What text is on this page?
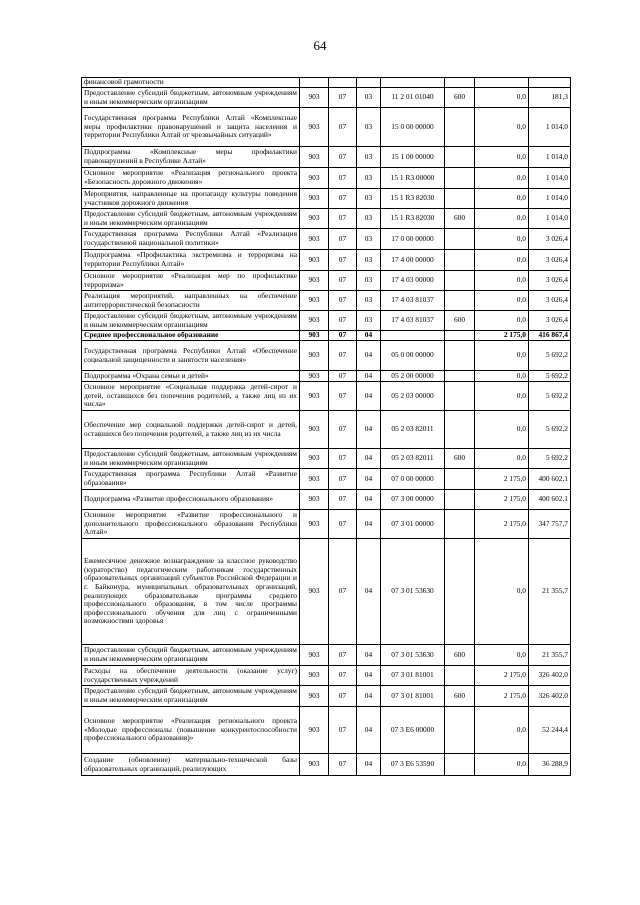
64
финансовой грамотности							
Предоставление субсидий бюджетным, автономным учреждениям и иным некоммерческим организациям	903	07	03	11 2 01 01040	600	0,0	181,3
Государственная программа Республики Алтай «Комплексные меры профилактики правонарушений и защита населения и территории Республики Алтай от чрезвычайных ситуаций»	903	07	03	15 0 00 00000		0,0	1 014,0
Подпрограмма «Комплексные меры профилактики правонарушений в Республике Алтай»	903	07	03	15 1 00 00000		0,0	1 014,0
Основное мероприятие «Реализация регионального проекта «Безопасность дорожного движения»	903	07	03	15 1 R3 00000		0,0	1 014,0
Мероприятия, направленные на пропаганду культуры поведения участников дорожного движения	903	07	03	15 1 R3 82030		0,0	1 014,0
Предоставление субсидий бюджетным, автономным учреждениям и иным некоммерческим организациям	903	07	03	15 1 R3 82030	600	0,0	1 014,0
Государственная программа Республики Алтай «Реализация государственной национальной политики»	903	07	03	17 0 00 00000		0,0	3 026,4
Подпрограмма «Профилактика экстремизма и терроризма на территории Республики Алтай»	903	07	03	17 4 00 00000		0,0	3 026,4
Основное мероприятие «Реализация мер по профилактике терроризма»	903	07	03	17 4 03 00000		0,0	3 026,4
Реализация мероприятий, направленных на обеспечение антитеррористической безопасности	903	07	03	17 4 03 81037		0,0	3 026,4
Предоставление субсидий бюджетным, автономным учреждениям и иным некоммерческим организациям	903	07	03	17 4 03 81037	600	0,0	3 026,4
Среднее профессиональное образование	903	07	04			2 175,0	416 867,4
Государственная программа Республики Алтай «Обеспечение социальной защищенности и занятости населения»	903	07	04	05 0 00 00000		0,0	5 692,2
Подпрограмма «Охрана семьи и детей»	903	07	04	05 2 00 00000		0,0	5 692,2
Основное мероприятие «Социальная поддержка детей-сирот и детей, оставшихся без попечения родителей, а также лиц из их числа»	903	07	04	05 2 03 00000		0,0	5 692,2
Обеспечение мер социальной поддержки детей-сирот и детей, оставшихся без попечения родителей, а также лиц из их числа	903	07	04	05 2 03 82011		0,0	5 692,2
Предоставление субсидий бюджетным, автономным учреждениям и иным некоммерческим организациям	903	07	04	05 2 03 82011	600	0,0	5 692,2
Государственная программа Республики Алтай «Развитие образования»	903	07	04	07 0 00 00000		2 175,0	400 602,1
Подпрограмма «Развитие профессионального образования»	903	07	04	07 3 00 00000		2 175,0	400 602,1
Основное мероприятие «Развитие профессионального и дополнительного профессионального образования Республики Алтай»	903	07	04	07 3 01 00000		2 175,0	347 757,7
Ежемесячное денежное вознаграждение за классное руководство (кураторство) педагогическим работникам государственных образовательных организаций субъектов Российской Федерации и г. Байконура, муниципальных образовательных организаций, реализующих образовательные программы среднего профессионального образования, в том числе программы профессионального обучения для лиц с ограниченными возможностями здоровья	903	07	04	07 3 01 53630		0,0	21 355,7
Предоставление субсидий бюджетным, автономным учреждениям и иным некоммерческим организациям	903	07	04	07 3 01 53630	600	0,0	21 355,7
Расходы на обеспечение деятельности (оказание услуг) государственных учреждений	903	07	04	07 3 01 81001		2 175,0	326 402,0
Предоставление субсидий бюджетным, автономным учреждениям и иным некоммерческим организациям	903	07	04	07 3 01 81001	600	2 175,0	326 402,0
Основное мероприятие «Реализация регионального проекта «Молодые профессионалы (повышение конкурентоспособности профессионального образования)»	903	07	04	07 3 E6 00000		0,0	52 244,4
Создание (обновление) материально-технической базы образовательных организаций, реализующих	903	07	04	07 3 E6 53590		0,0	36 288,9
